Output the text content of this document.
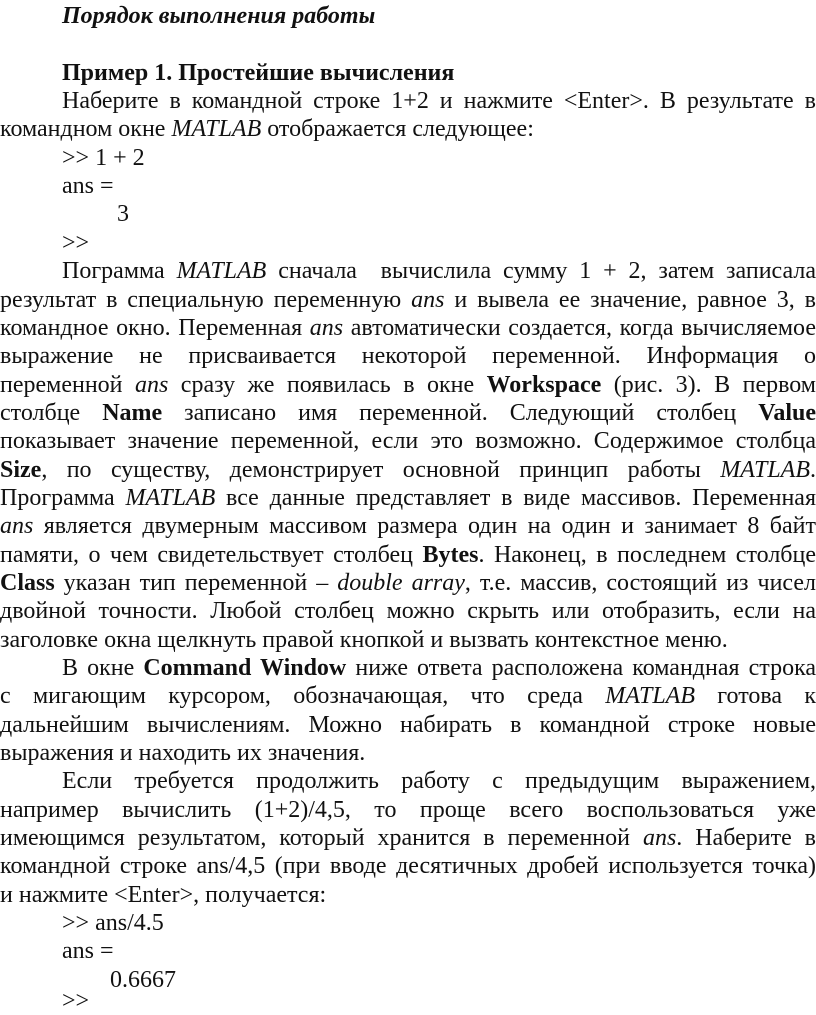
Порядок выполнения работы
Пример 1. Простейшие вычисления
Наберите в командной строке 1+2 и нажмите <Enter>. В результате в
командном окне MATLAB отображается следующее:
>> 1 + 2
ans =
3
>>
Пограмма MATLAB сначала  вычислила сумму 1 + 2, затем записала
результат в специальную переменную ans и вывела ее значение, равное 3, в
командное окно. Переменная ans автоматически создается, когда вычисляемое
выражение не присваивается некоторой переменной. Информация о
переменной ans сразу же появилась в окне Workspace (рис. 3). В первом
столбце Name записано имя переменной. Следующий столбец Value
показывает значение переменной, если это возможно. Содержимое столбца
Size, по существу, демонстрирует основной принцип работы MATLAB.
Программа MATLAB все данные представляет в виде массивов. Переменная
ans является двумерным массивом размера один на один и занимает 8 байт
памяти, о чем свидетельствует столбец Bytes. Наконец, в последнем столбце
Class указан тип переменной – double array, т.е. массив, состоящий из чисел
двойной точности. Любой столбец можно скрыть или отобразить, если на
заголовке окна щелкнуть правой кнопкой и вызвать контекстное меню.
В окне Command Window ниже ответа расположена командная строка
с мигающим курсором, обозначающая, что среда MATLAB готова к
дальнейшим вычислениям. Можно набирать в командной строке новые
выражения и находить их значения.
Если требуется продолжить работу с предыдущим выражением,
например вычислить (1+2)/4,5, то проще всего воспользоваться уже
имеющимся результатом, который хранится в переменной ans. Наберите в
командной строке ans/4,5 (при вводе десятичных дробей используется точка)
и нажмите <Enter>, получается:
>> ans/4.5
ans =
0.6667
>>
